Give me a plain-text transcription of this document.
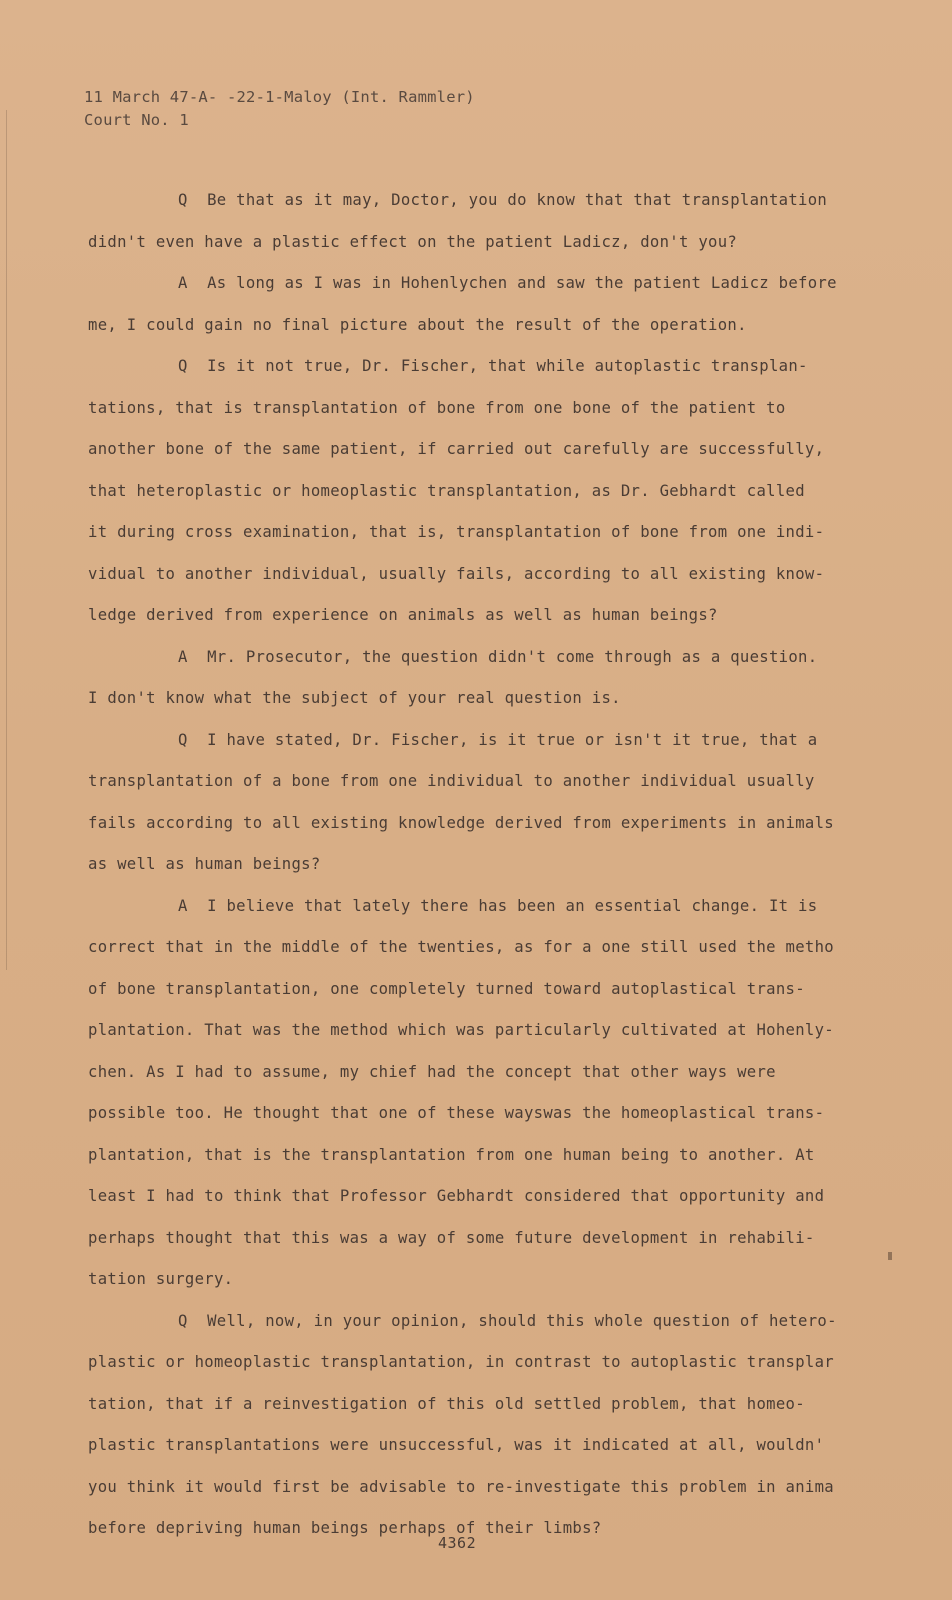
11 March 47-A- -22-1-Maloy (Int. Rammler)
Court No. 1
Q  Be that as it may, Doctor, you do know that that transplantation
didn't even have a plastic effect on the patient Ladicz, don't you?
A  As long as I was in Hohenlychen and saw the patient Ladicz before
me, I could gain no final picture about the result of the operation.
Q  Is it not true, Dr. Fischer, that while autoplastic transplan-
tations, that is transplantation of bone from one bone of the patient to
another bone of the same patient, if carried out carefully are successfully,
that heteroplastic or homeoplastic transplantation, as Dr. Gebhardt called
it during cross examination, that is, transplantation of bone from one indi-
vidual to another individual, usually fails, according to all existing know-
ledge derived from experience on animals as well as human beings?
A  Mr. Prosecutor, the question didn't come through as a question.
I don't know what the subject of your real question is.
Q  I have stated, Dr. Fischer, is it true or isn't it true, that a
transplantation of a bone from one individual to another individual usually
fails according to all existing knowledge derived from experiments in animals
as well as human beings?
A  I believe that lately there has been an essential change. It is
correct that in the middle of the twenties, as for a one still used the metho
of bone transplantation, one completely turned toward autoplastical trans-
plantation. That was the method which was particularly cultivated at Hohenly-
chen. As I had to assume, my chief had the concept that other ways were
possible too. He thought that one of these wayswas the homeoplastical trans-
plantation, that is the transplantation from one human being to another. At
least I had to think that Professor Gebhardt considered that opportunity and
perhaps thought that this was a way of some future development in rehabili-
tation surgery.
Q  Well, now, in your opinion, should this whole question of hetero-
plastic or homeoplastic transplantation, in contrast to autoplastic transplar
tation, that if a reinvestigation of this old settled problem, that homeo-
plastic transplantations were unsuccessful, was it indicated at all, wouldn'
you think it would first be advisable to re-investigate this problem in anima
before depriving human beings perhaps of their limbs?
4362
